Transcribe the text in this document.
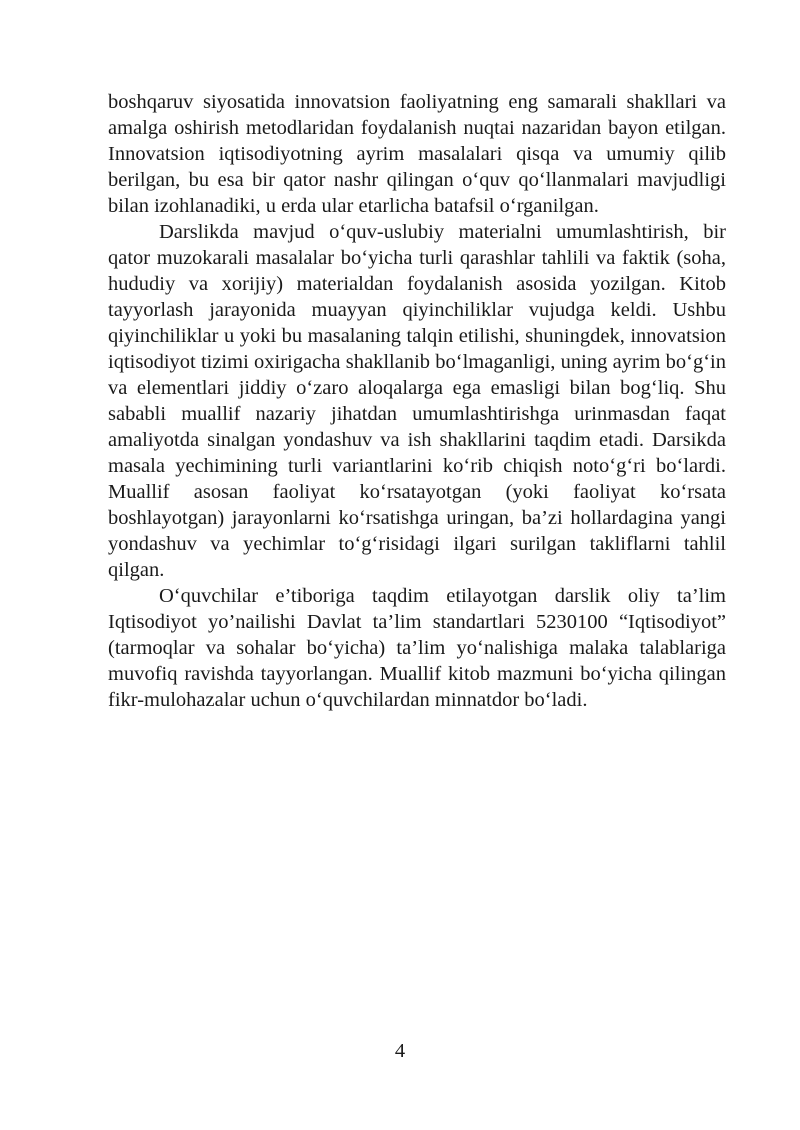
boshqaruv siyosatida innovatsion faoliyatning eng samarali shakllari va amalga oshirish metodlaridan foydalanish nuqtai nazaridan bayon etilgan. Innovatsion iqtisodiyotning ayrim masalalari qisqa va umumiy qilib berilgan, bu esa bir qator nashr qilingan o‘quv qo‘llanmalari mavjudligi bilan izohlanadiki, u erda ular etarlicha batafsil o‘rganilgan.

Darslikda mavjud o‘quv-uslubiy materialni umumlashtirish, bir qator muzokarali masalalar bo‘yicha turli qarashlar tahlili va faktik (soha, hududiy va xorijiy) materialdan foydalanish asosida yozilgan. Kitob tayyorlash jarayonida muayyan qiyinchiliklar vujudga keldi. Ushbu qiyinchiliklar u yoki bu masalaning talqin etilishi, shuningdek, innovatsion iqtisodiyot tizimi oxirigacha shakllanib bo‘lmaganligi, uning ayrim bo‘g‘in va elementlari jiddiy o‘zaro aloqalarga ega emasligi bilan bog‘liq. Shu sababli muallif nazariy jihatdan umumlashtirishga urinmasdan faqat amaliyotda sinalgan yondashuv va ish shakllarini taqdim etadi. Darsikda masala yechimining turli variantlarini ko‘rib chiqish noto‘g‘ri bo‘lardi. Muallif asosan faoliyat ko‘rsatayotgan (yoki faoliyat ko‘rsata boshlayotgan) jarayonlarni ko‘rsatishga uringan, ba’zi hollardagina yangi yondashuv va yechimlar to‘g‘risidagi ilgari surilgan takliflarni tahlil qilgan.

O‘quvchilar e’tiboriga taqdim etilayotgan darslik oliy ta’lim Iqtisodiyot yo’nailishi Davlat ta’lim standartlari 5230100 “Iqtisodiyot” (tarmoqlar va sohalar bo‘yicha) ta’lim yo‘nalishiga malaka talablariga muvofiq ravishda tayyorlangan. Muallif kitob mazmuni bo‘yicha qilingan fikr-mulohazalar uchun o‘quvchilardan minnatdor bo‘ladi.

4
